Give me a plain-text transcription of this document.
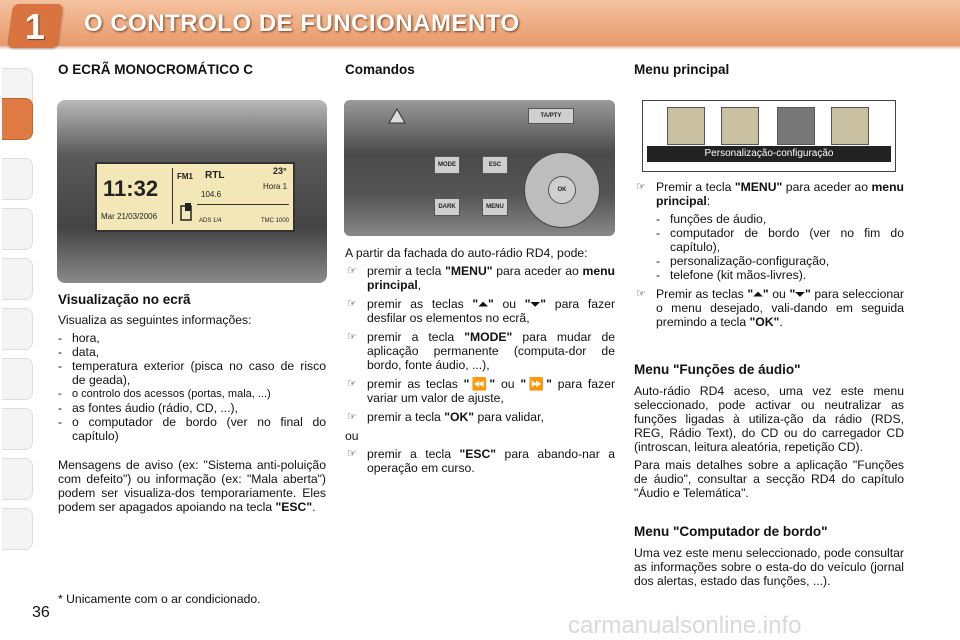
1	O CONTROLO DE FUNCIONAMENTO
O ECRÃ MONOCROMÁTICO C
11:32
Mar 21/03/2006
FM1 RTL
104.6
23°
Hora 1
ADS 1/4	TMC 1000
Visualização no ecrã

Visualiza as seguintes informações:

- hora,
- data,
- temperatura exterior (pisca no caso de risco de geada),
- o controlo dos acessos (portas, mala, ...)
- as fontes áudio (rádio, CD, ...),
- o computador de bordo (ver no final do capítulo)
Mensagens de aviso (ex: "Sistema anti-poluição com defeito") ou informação (ex: "Mala aberta") podem ser visualiza-dos temporariamente. Eles podem ser apagados apoiando na tecla "ESC".
* Unicamente com o ar condicionado.
36
Comandos
TA/PTY
MODE
DARK
ESC
MENU
OK

A partir da fachada do auto-rádio RD4, pode:

☞ premir a tecla "MENU" para aceder ao menu principal,
☞ premir as teclas "⏶" ou "⏷" para fazer desfilar os elementos no ecrã,
☞ premir a tecla "MODE" para mudar de aplicação permanente (computa-dor de bordo, fonte áudio, ...),
☞ premir as teclas "⏪" ou "⏩" para fazer variar um valor de ajuste,
☞ premir a tecla "OK" para validar,

ou

☞ premir a tecla "ESC" para abando-nar a operação em curso.
Menu principal
Personalização-configuração
☞ Premir a tecla "MENU" para aceder ao menu principal:
- funções de áudio,
- computador de bordo (ver no fim do capítulo),
- personalização-configuração,
- telefone (kit mãos-livres).
☞ Premir as teclas "⏶" ou "⏷" para seleccionar o menu desejado, vali-dando em seguida premindo a tecla "OK".
Menu "Funções de áudio"

Auto-rádio RD4 aceso, uma vez este menu seleccionado, pode activar ou neutralizar as funções ligadas à utiliza-ção da rádio (RDS, REG, Rádio Text), do CD ou do carregador CD (introscan, leitura aleatória, repetição CD).

Para mais detalhes sobre a aplicação "Funções de áudio", consultar a secção RD4 do capítulo "Áudio e Telemática".

Menu "Computador de bordo"
Uma vez este menu seleccionado, pode consultar as informações sobre o esta-do do veículo (jornal dos alertas, estado das funções, ...).
carmanualsonline.info
